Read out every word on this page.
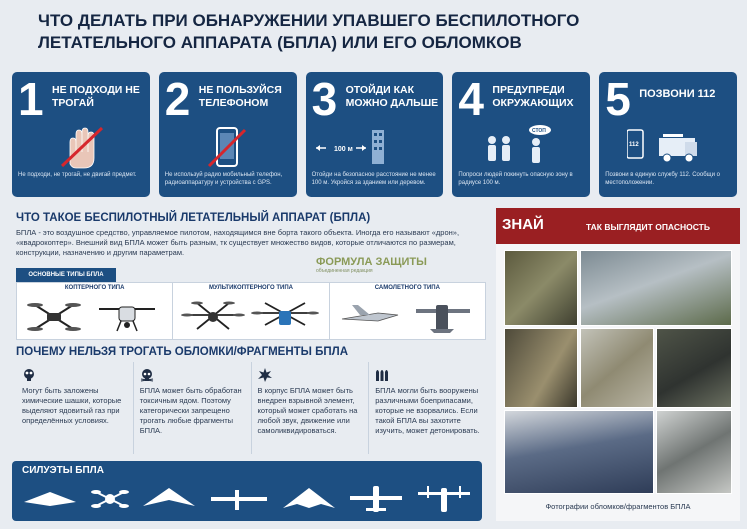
ЧТО ДЕЛАТЬ ПРИ ОБНАРУЖЕНИИ УПАВШЕГО БЕСПИЛОТНОГО ЛЕТАТЕЛЬНОГО АППАРАТА (БПЛА) ИЛИ ЕГО ОБЛОМКОВ
1 НЕ ПОДХОДИ НЕ ТРОГАЙ
Не подходи, не трогай, не двигай предмет.
2 НЕ ПОЛЬЗУЙСЯ ТЕЛЕФОНОМ
Не используй радио мобильный телефон, радиоаппаратуру и устройства с GPS.
3 ОТОЙДИ КАК МОЖНО ДАЛЬШЕ
100 м
Отойди на безопасное расстояние не менее 100 м. Укройся за зданием или деревом.
4 ПРЕДУПРЕДИ ОКРУЖАЮЩИХ
СТОП
Попроси людей покинуть опасную зону в радиусе 100 м.
5 ПОЗВОНИ 112
112
Позвони в единую службу 112. Сообщи о местоположении.
ЧТО ТАКОЕ БЕСПИЛОТНЫЙ ЛЕТАТЕЛЬНЫЙ АППАРАТ (БПЛА)
БПЛА - это воздушное средство, управляемое пилотом, находящимся вне борта такого объекта. Иногда его называют «дрон», «квадрокоптер». Внешний вид БПЛА может быть разным, тк существует множество видов, которые отличаются по размерам, конструкции, назначению и другим параметрам.
ФОРМУЛА ЗАЩИТЫ
объединенная редакция
ОСНОВНЫЕ ТИПЫ БПЛА
КОПТЕРНОГО ТИПА	МУЛЬТИКОПТЕРНОГО ТИПА	САМОЛЕТНОГО ТИПА
ПОЧЕМУ НЕЛЬЗЯ ТРОГАТЬ ОБЛОМКИ/ФРАГМЕНТЫ БПЛА
Могут быть заложены химические шашки, которые выделяют ядовитый газ при определённых условиях.
БПЛА может быть обработан токсичным ядом. Поэтому категорически запрещено трогать любые фрагменты БПЛА.
В корпус БПЛА может быть внедрен взрывной элемент, который может сработать на любой звук, движение или самоликвидироваться.
БПЛА могли быть вооружены различными боеприпасами, которые не взорвались. Если такой БПЛА вы захотите изучить, может детонировать.
СИЛУЭТЫ БПЛА
ЗНАЙ	ТАК ВЫГЛЯДИТ ОПАСНОСТЬ
Фотографии обломков/фрагментов БПЛА
